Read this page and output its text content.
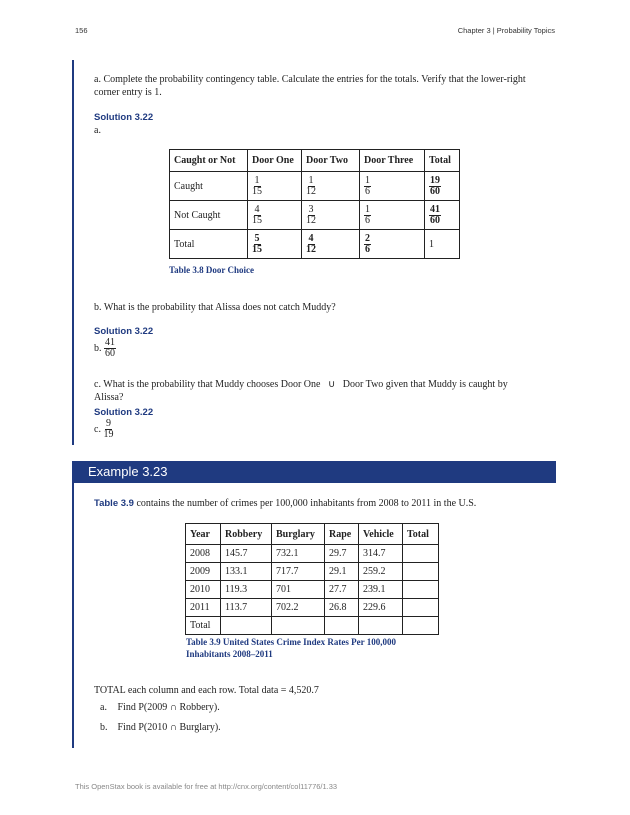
156	Chapter 3 | Probability Topics
a. Complete the probability contingency table. Calculate the entries for the totals. Verify that the lower-right corner entry is 1.
Solution 3.22
a.
Caught or Not	Door One	Door Two	Door Three	Total
Caught	$\frac{1}{15}$	$\frac{1}{12}$	$\frac{1}{6}$	$\frac{19}{60}$

Not Caught	$\frac{4}{15}$	$\frac{3}{12}$	$\frac{1}{6}$	$\frac{41}{60}$

Total	$\frac{5}{15}$	$\frac{4}{12}$	$\frac{2}{6}$	1
Table 3.8 Door Choice
b. What is the probability that Alissa does not catch Muddy?
Solution 3.22
b. $\frac{41}{60}$
c. What is the probability that Muddy chooses Door One ∪ Door Two given that Muddy is caught by Alissa?
Solution 3.22
c. $\frac{9}{19}$
Example 3.23
Table 3.9 contains the number of crimes per 100,000 inhabitants from 2008 to 2011 in the U.S.
Year	Robbery	Burglary	Rape	Vehicle	Total
2008	145.7	732.1	29.7	314.7	
2009	133.1	717.7	29.1	259.2	
2010	119.3	701	27.7	239.1	
2011	113.7	702.2	26.8	229.6	
Total					
Table 3.9 United States Crime Index Rates Per 100,000
Inhabitants 2008–2011
TOTAL each column and each row. Total data = 4,520.7
a. Find P(2009 ∩ Robbery).
b. Find P(2010 ∩ Burglary).
This OpenStax book is available for free at http://cnx.org/content/col11776/1.33
